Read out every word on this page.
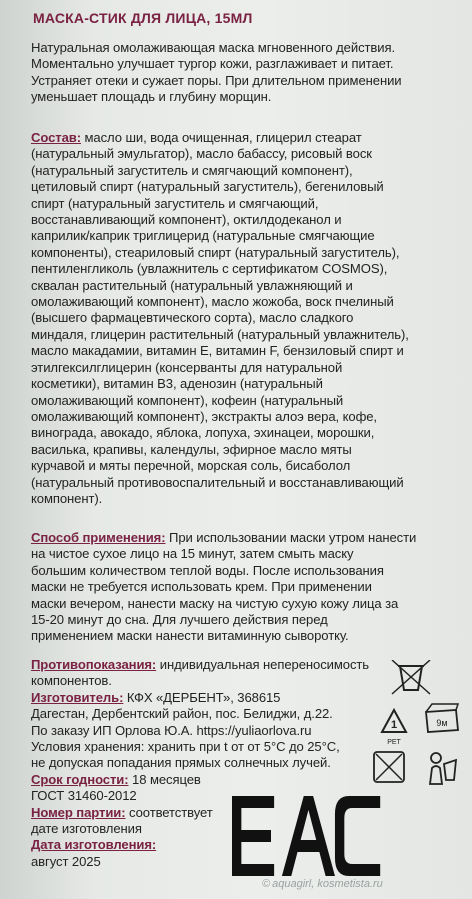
МАСКА-СТИК ДЛЯ ЛИЦА, 15МЛ
Натуральная омолаживающая маска мгновенного действия.
Моментально улучшает тургор кожи, разглаживает и питает.
Устраняет отеки и сужает поры. При длительном применении
уменьшает площадь и глубину морщин.
Состав: масло ши, вода очищенная, глицерил стеарат
(натуральный эмульгатор), масло бабассу, рисовый воск
(натуральный загуститель и смягчающий компонент),
цетиловый спирт (натуральный загуститель), бегениловый
спирт (натуральный загуститель и смягчающий,
восстанавливающий компонент), октилдодеканол и
каприлик/каприк триглицерид (натуральные смягчающие
компоненты), стеариловый спирт (натуральный загуститель),
пентиленгликоль (увлажнитель с сертификатом COSMOS),
сквалан растительный (натуральный увлажняющий и
омолаживающий компонент), масло жожоба, воск пчелиный
(высшего фармацевтического сорта), масло сладкого
миндаля, глицерин растительный (натуральный увлажнитель),
масло макадамии, витамин E, витамин F, бензиловый спирт и
этилгексилглицерин (консерванты для натуральной
косметики), витамин B3, аденозин (натуральный
омолаживающий компонент), кофеин (натуральный
омолаживающий компонент), экстракты алоэ вера, кофе,
винограда, авокадо, яблока, лопуха, эхинацеи, морошки,
василька, крапивы, календулы, эфирное масло мяты
курчавой и мяты перечной, морская соль, бисаболол
(натуральный противовоспалительный и восстанавливающий
компонент).
Способ применения: При использовании маски утром нанести
на чистое сухое лицо на 15 минут, затем смыть маску
большим количеством теплой воды. После использования
маски не требуется использовать крем. При применении
маски вечером, нанести маску на чистую сухую кожу лица за
15-20 минут до сна. Для лучшего действия перед
применением маски нанести витаминную сыворотку.
Противопоказания: индивидуальная непереносимость
компонентов.
Изготовитель: КФХ «ДЕРБЕНТ», 368615
Дагестан, Дербентский район, пос. Белиджи, д.22.
По заказу ИП Орлова Ю.А. https://yuliaorlova.ru
Условия хранения: хранить при t от от 5°C до 25°C,
не допуская попадания прямых солнечных лучей.
Срок годности: 18 месяцев
ГОСТ 31460-2012
Номер партии: соответствует
дате изготовления
Дата изготовления:
август 2025
1
PET
9м
© aquagirl, kosmetista.ru
